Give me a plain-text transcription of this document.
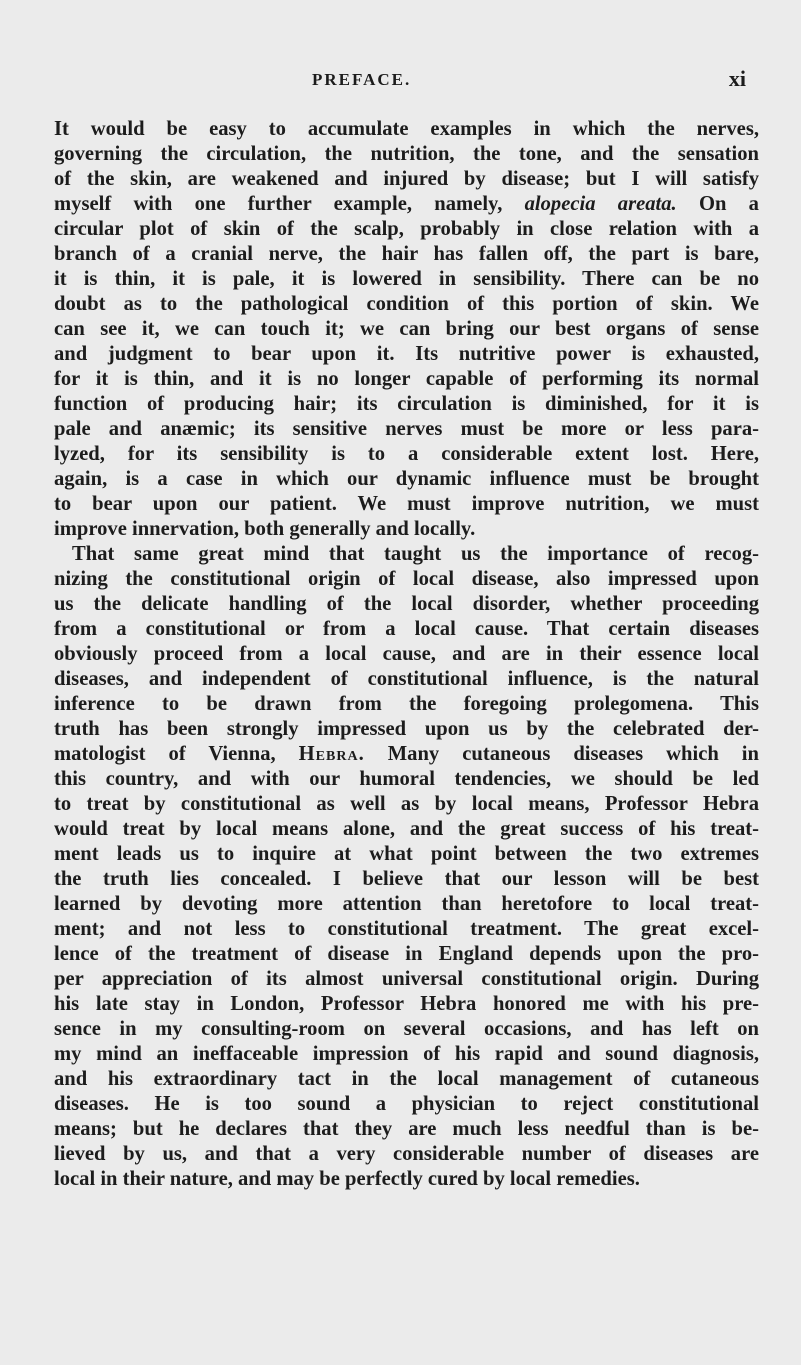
PREFACE.	xi
It would be easy to accumulate examples in which the nerves,
governing the circulation, the nutrition, the tone, and the sensation
of the skin, are weakened and injured by disease; but I will satisfy
myself with one further example, namely, alopecia areata. On a
circular plot of skin of the scalp, probably in close relation with a
branch of a cranial nerve, the hair has fallen off, the part is bare,
it is thin, it is pale, it is lowered in sensibility. There can be no
doubt as to the pathological condition of this portion of skin. We
can see it, we can touch it; we can bring our best organs of sense
and judgment to bear upon it. Its nutritive power is exhausted,
for it is thin, and it is no longer capable of performing its normal
function of producing hair; its circulation is diminished, for it is
pale and anæmic; its sensitive nerves must be more or less para-
lyzed, for its sensibility is to a considerable extent lost. Here,
again, is a case in which our dynamic influence must be brought
to bear upon our patient. We must improve nutrition, we must
improve innervation, both generally and locally.
That same great mind that taught us the importance of recog-
nizing the constitutional origin of local disease, also impressed upon
us the delicate handling of the local disorder, whether proceeding
from a constitutional or from a local cause. That certain diseases
obviously proceed from a local cause, and are in their essence local
diseases, and independent of constitutional influence, is the natural
inference to be drawn from the foregoing prolegomena. This
truth has been strongly impressed upon us by the celebrated der-
matologist of Vienna, Hebra. Many cutaneous diseases which in
this country, and with our humoral tendencies, we should be led
to treat by constitutional as well as by local means, Professor Hebra
would treat by local means alone, and the great success of his treat-
ment leads us to inquire at what point between the two extremes
the truth lies concealed. I believe that our lesson will be best
learned by devoting more attention than heretofore to local treat-
ment; and not less to constitutional treatment. The great excel-
lence of the treatment of disease in England depends upon the pro-
per appreciation of its almost universal constitutional origin. During
his late stay in London, Professor Hebra honored me with his pre-
sence in my consulting-room on several occasions, and has left on
my mind an ineffaceable impression of his rapid and sound diagnosis,
and his extraordinary tact in the local management of cutaneous
diseases. He is too sound a physician to reject constitutional
means; but he declares that they are much less needful than is be-
lieved by us, and that a very considerable number of diseases are
local in their nature, and may be perfectly cured by local remedies.
